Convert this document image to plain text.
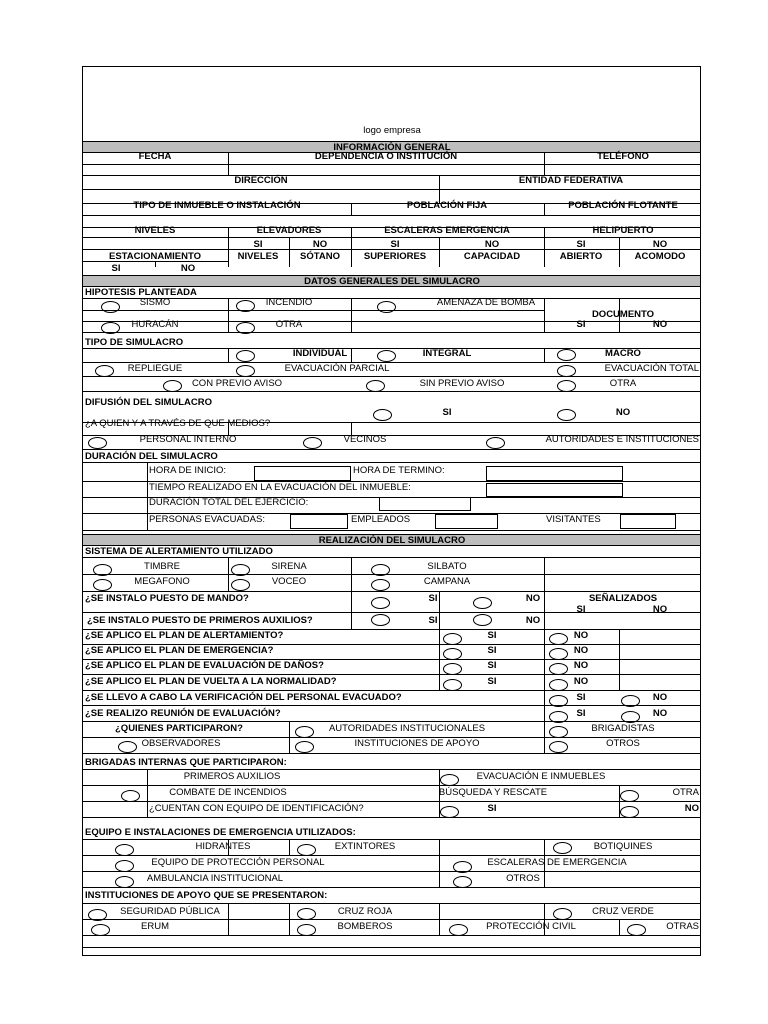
logo empresa
INFORMACIÓN GENERAL
FECHA	DEPENDENCIA O INSTITUCIÓN	TELÉFONO
DIRECCIÓN	ENTIDAD FEDERATIVA
TIPO DE INMUEBLE O INSTALACIÓN	POBLACIÓN FIJA	POBLACIÓN FLOTANTE
NIVELES	ELEVADORES	ESCALERAS EMERGENCIA	HELIPUERTO
SI	NO	SI	NO	SI	NO
ESTACIONAMIENTO	NIVELES SÓTANO	SUPERIORES	CAPACIDAD	ABIERTO	ACOMODO
SI	NO
DATOS GENERALES DEL SIMULACRO
HIPOTESIS PLANTEADA
SISMO	INCENDIO	AMENAZA DE BOMBA
DOCUMENTO
HURACÁN	OTRA	SI	NO
TIPO DE SIMULACRO
INDIVIDUAL	INTEGRAL	MACRO
REPLIEGUE	EVACUACIÓN PARCIAL	EVACUACIÓN TOTAL
CON PREVIO AVISO	SIN PREVIO AVISO	OTRA
DIFUSIÓN DEL SIMULACRO
SI	NO
¿A QUIEN Y A TRAVÉS DE QUE MEDIOS?
PERSONAL INTERNO	VECINOS	AUTORIDADES E INSTITUCIONES
DURACIÓN DEL SIMULACRO
HORA DE INICIO:	HORA DE TERMINO:
TIEMPO REALIZADO EN LA EVACUACIÓN DEL INMUEBLE:
DURACIÓN TOTAL DEL EJERCICIO:
PERSONAS EVACUADAS:	EMPLEADOS	VISITANTES
REALIZACIÓN DEL SIMULACRO
SISTEMA DE ALERTAMIENTO UTILIZADO
TIMBRE	SIRENA	SILBATO
MEGAFONO	VOCEO	CAMPANA
¿SE INSTALO PUESTO DE MANDO?	SI	NO	SEÑALIZADOS
SI	NO
¿SE INSTALO PUESTO DE PRIMEROS AUXILIOS?	SI	NO
¿SE APLICO EL PLAN DE ALERTAMIENTO?	SI	NO
¿SE APLICO EL PLAN DE EMERGENCIA?	SI	NO
¿SE APLICO EL PLAN DE EVALUACIÓN DE DAÑOS?	SI	NO
¿SE APLICO EL PLAN DE VUELTA A LA NORMALIDAD?	SI	NO
¿SE LLEVO A CABO LA VERIFICACIÓN DEL PERSONAL EVACUADO?	SI	NO
¿SE REALIZO REUNIÓN DE EVALUACIÓN?	SI	NO
¿QUIENES PARTICIPARON?	AUTORIDADES INSTITUCIONALES	BRIGADISTAS
OBSERVADORES	INSTITUCIONES DE APOYO	OTROS
BRIGADAS INTERNAS QUE PARTICIPARON:
PRIMEROS AUXILIOS	EVACUACIÓN E INMUEBLES
COMBATE DE INCENDIOS	BÚSQUEDA Y RESCATE	OTRA
¿CUENTAN CON EQUIPO DE IDENTIFICACIÓN?	SI	NO
EQUIPO E INSTALACIONES DE EMERGENCIA UTILIZADOS:
HIDRANTES	EXTINTORES	BOTIQUINES
EQUIPO DE PROTECCIÓN PERSONAL	ESCALERAS DE EMERGENCIA
AMBULANCIA INSTITUCIONAL	OTROS
INSTITUCIONES DE APOYO QUE SE PRESENTARON:
SEGURIDAD PÚBLICA	CRUZ ROJA	CRUZ VERDE
ERUM	BOMBEROS	PROTECCIÓN CIVIL	OTRAS
